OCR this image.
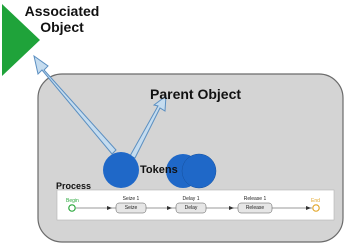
Associated
Object
Parent Object
Tokens
Process
Begin	End
Seize 1	Delay 1	Release 1
Seize	Delay	Release
